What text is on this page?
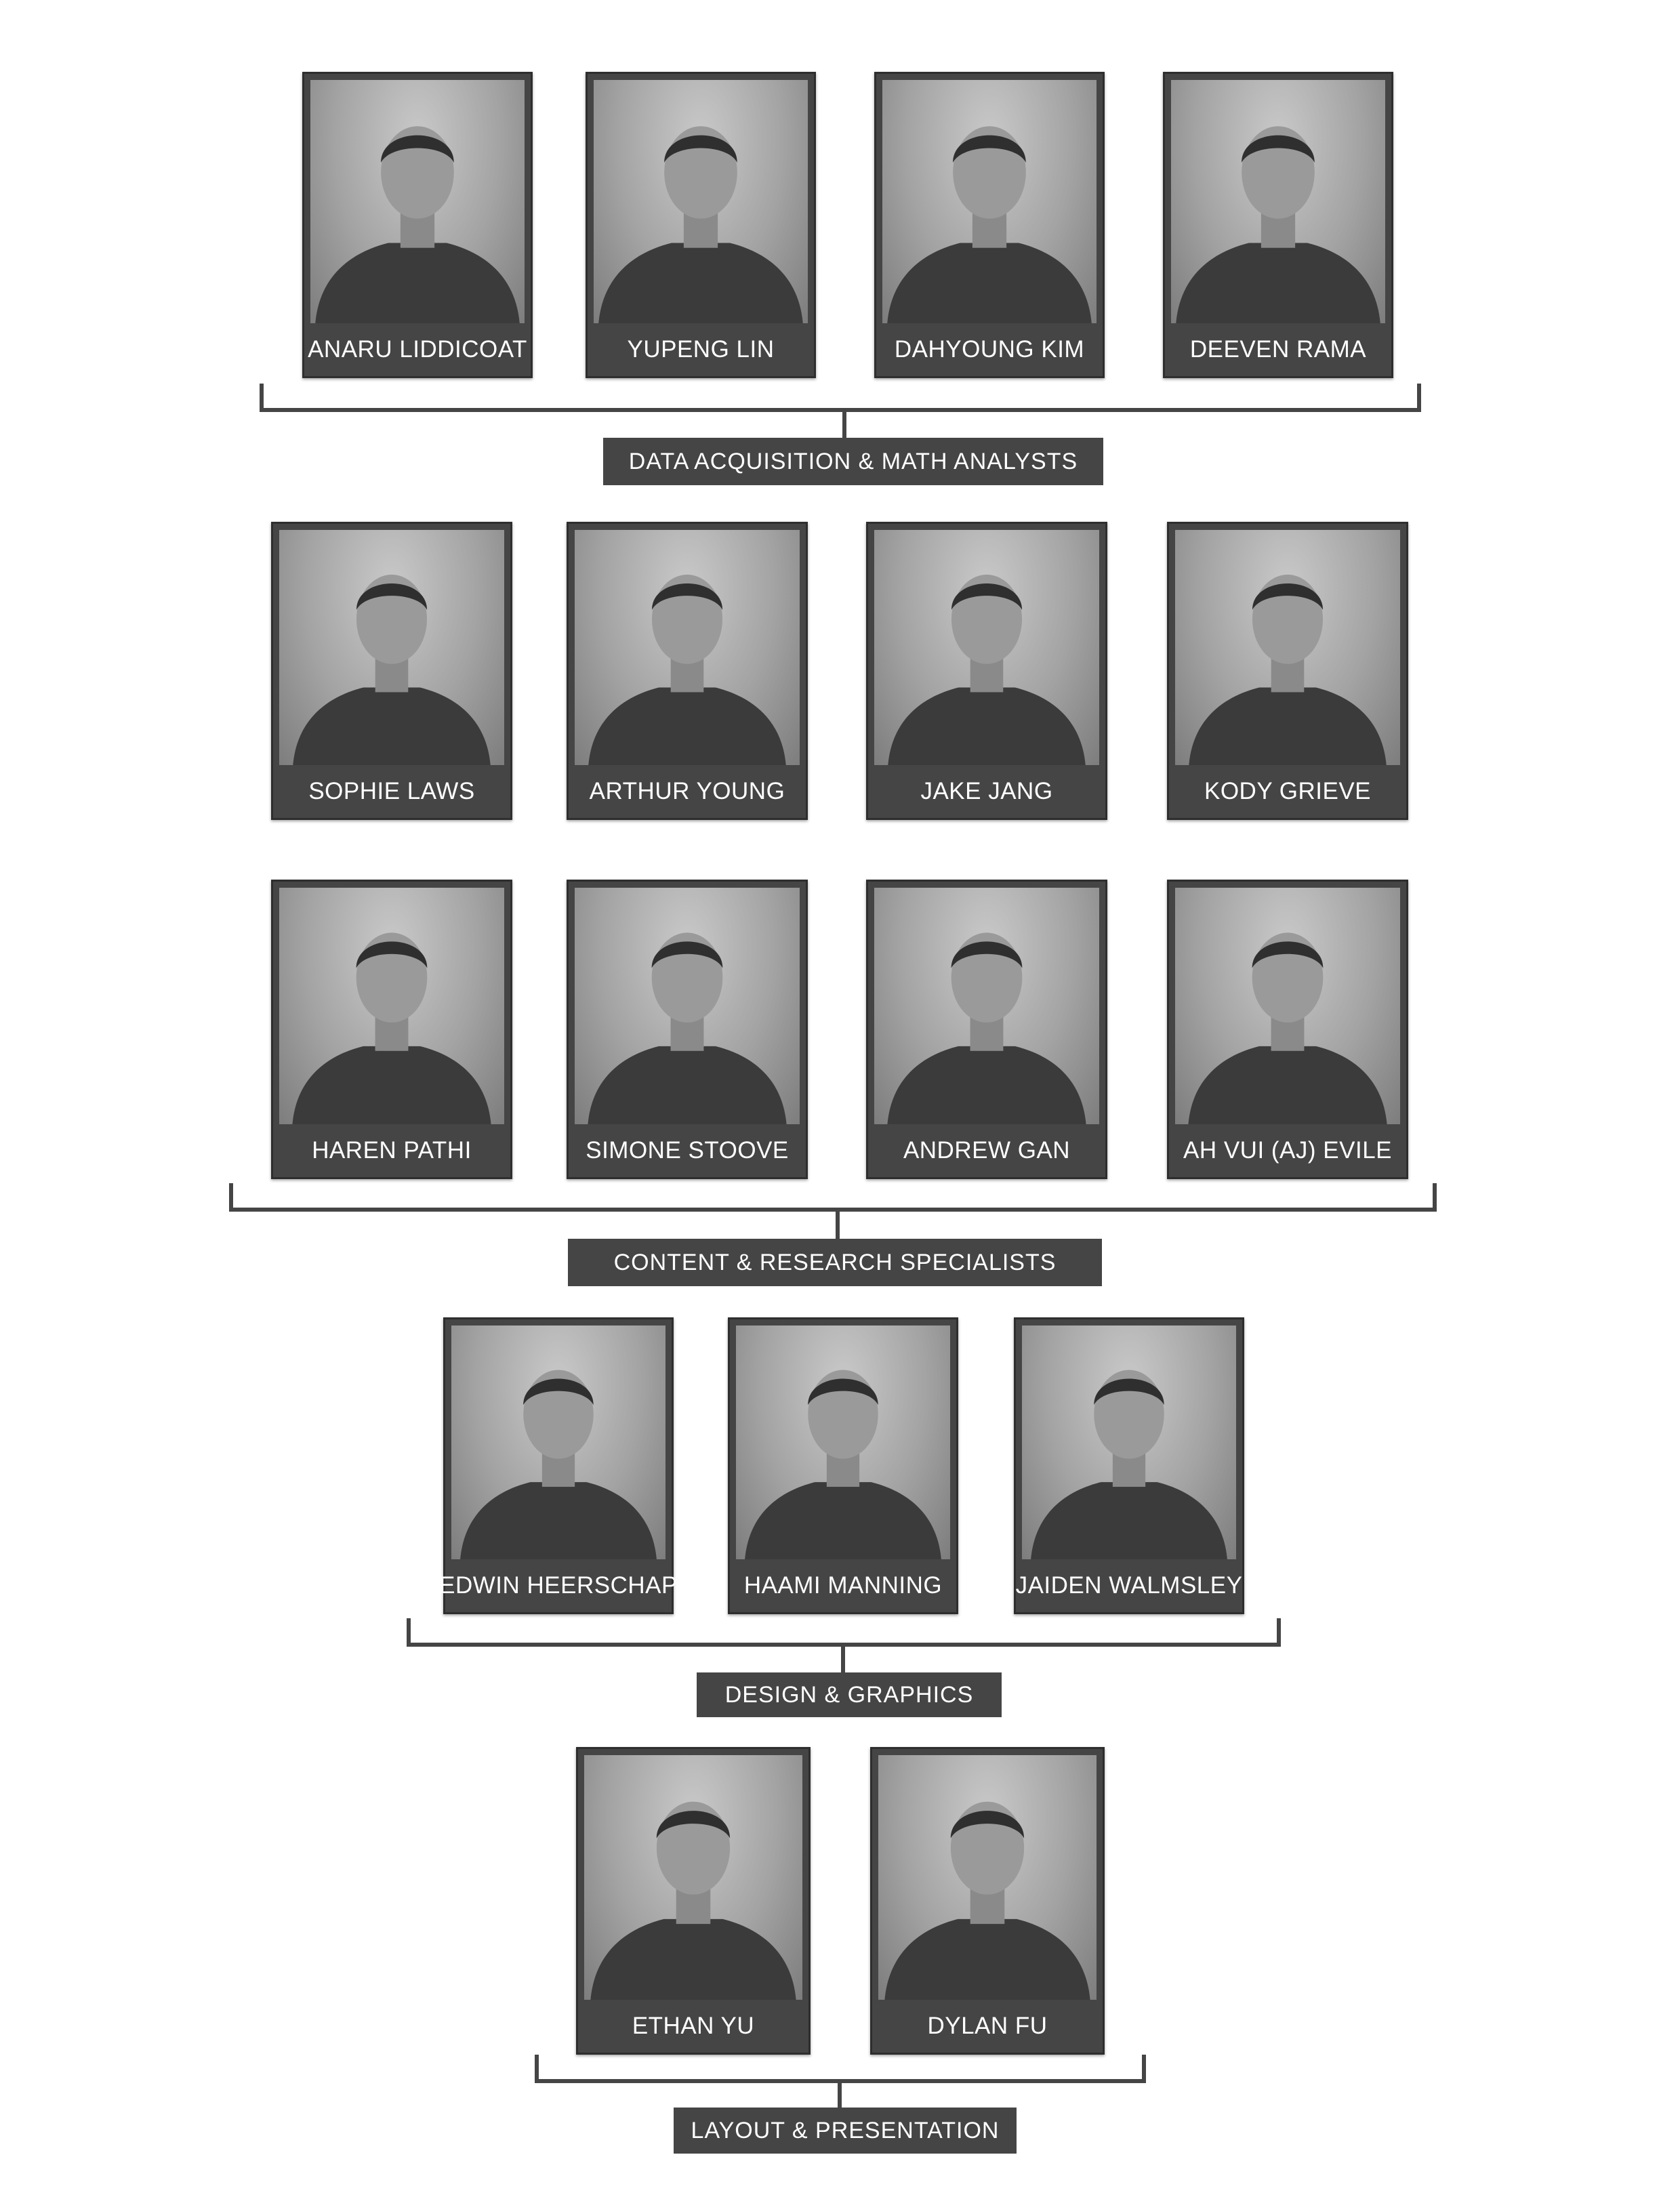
ANARU LIDDICOAT	YUPENG LIN	DAHYOUNG KIM	DEEVEN RAMA
DATA ACQUISITION & MATH ANALYSTS
SOPHIE LAWS	ARTHUR YOUNG	JAKE JANG	KODY GRIEVE
HAREN PATHI	SIMONE STOOVE	ANDREW GAN	AH VUI (AJ) EVILE
CONTENT & RESEARCH SPECIALISTS
EDWIN HEERSCHAP	HAAMI MANNING	JAIDEN WALMSLEY
DESIGN & GRAPHICS
ETHAN YU	DYLAN FU
LAYOUT & PRESENTATION
